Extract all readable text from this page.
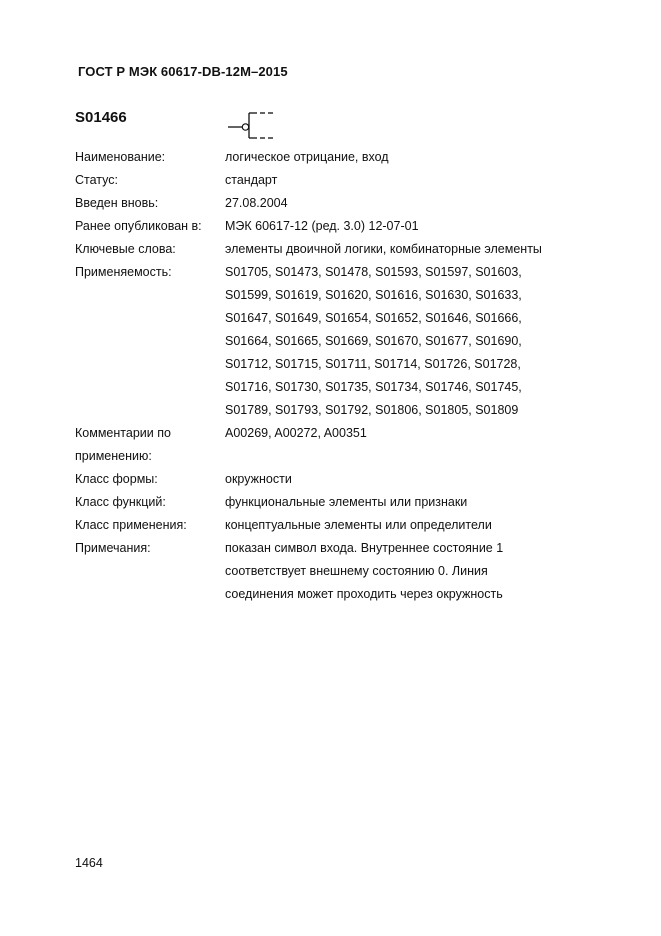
ГОСТ Р МЭК 60617-DB-12M–2015
S01466
Наименование:	логическое отрицание, вход
Статус:	стандарт
Введен вновь:	27.08.2004
Ранее опубликован в:	МЭК 60617-12 (ред. 3.0) 12-07-01
Ключевые слова:	элементы двоичной логики, комбинаторные элементы
Применяемость:	S01705, S01473, S01478, S01593, S01597, S01603,
S01599, S01619, S01620, S01616, S01630, S01633,
S01647, S01649, S01654, S01652, S01646, S01666,
S01664, S01665, S01669, S01670, S01677, S01690,
S01712, S01715, S01711, S01714, S01726, S01728,
S01716, S01730, S01735, S01734, S01746, S01745,
S01789, S01793, S01792, S01806, S01805, S01809
Комментарии по
применению:
A00269, A00272, A00351
Класс формы:	окружности
Класс функций:	функциональные элементы или признаки
Класс применения:	концептуальные элементы или определители
Примечания:	показан символ входа. Внутреннее состояние 1
соответствует внешнему состоянию 0. Линия
соединения может проходить через окружность
1464
